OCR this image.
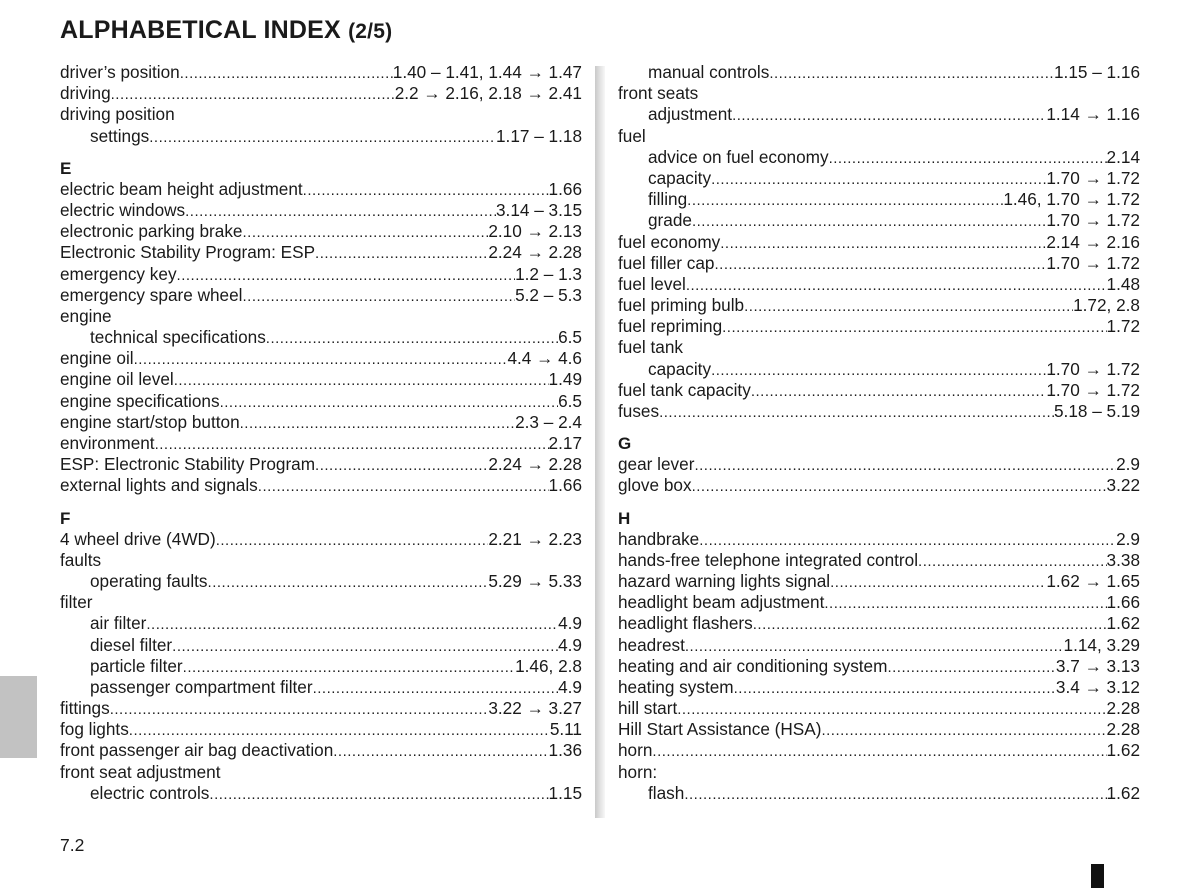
ALPHABETICAL INDEX (2/5)
driver’s position .....	1.40 – 1.41, 1.44 → 1.47
driving .....	2.2 → 2.16, 2.18 → 2.41
driving position
settings .....	1.17 – 1.18
E
electric beam height adjustment .....	1.66
electric windows .....	3.14 – 3.15
electronic parking brake .....	2.10 → 2.13
Electronic Stability Program: ESP .....	2.24 → 2.28
emergency key .....	1.2 – 1.3
emergency spare wheel .....	5.2 – 5.3
engine
technical specifications .....	6.5
engine oil .....	4.4 → 4.6
engine oil level .....	1.49
engine specifications .....	6.5
engine start/stop button .....	2.3 – 2.4
environment .....	2.17
ESP: Electronic Stability Program .....	2.24 → 2.28
external lights and signals .....	1.66
F
4 wheel drive (4WD) .....	2.21 → 2.23
faults
operating faults .....	5.29 → 5.33
filter
air filter .....	4.9
diesel filter .....	4.9
particle filter .....	1.46, 2.8
passenger compartment filter .....	4.9
fittings .....	3.22 → 3.27
fog lights .....	5.11
front passenger air bag deactivation .....	1.36
front seat adjustment
electric controls .....	1.15
manual controls .....	1.15 – 1.16
front seats
adjustment .....	1.14 → 1.16
fuel
advice on fuel economy .....	2.14
capacity .....	1.70 → 1.72
filling .....	1.46, 1.70 → 1.72
grade .....	1.70 → 1.72
fuel economy .....	2.14 → 2.16
fuel filler cap .....	1.70 → 1.72
fuel level .....	1.48
fuel priming bulb .....	1.72, 2.8
fuel repriming .....	1.72
fuel tank
capacity .....	1.70 → 1.72
fuel tank capacity .....	1.70 → 1.72
fuses .....	5.18 – 5.19
G
gear lever .....	2.9
glove box .....	3.22
H
handbrake .....	2.9
hands-free telephone integrated control .....	3.38
hazard warning lights signal .....	1.62 → 1.65
headlight beam adjustment .....	1.66
headlight flashers .....	1.62
headrest .....	1.14, 3.29
heating and air conditioning system .....	3.7 → 3.13
heating system .....	3.4 → 3.12
hill start .....	2.28
Hill Start Assistance (HSA) .....	2.28
horn .....	1.62
horn:
flash .....	1.62
7.2
